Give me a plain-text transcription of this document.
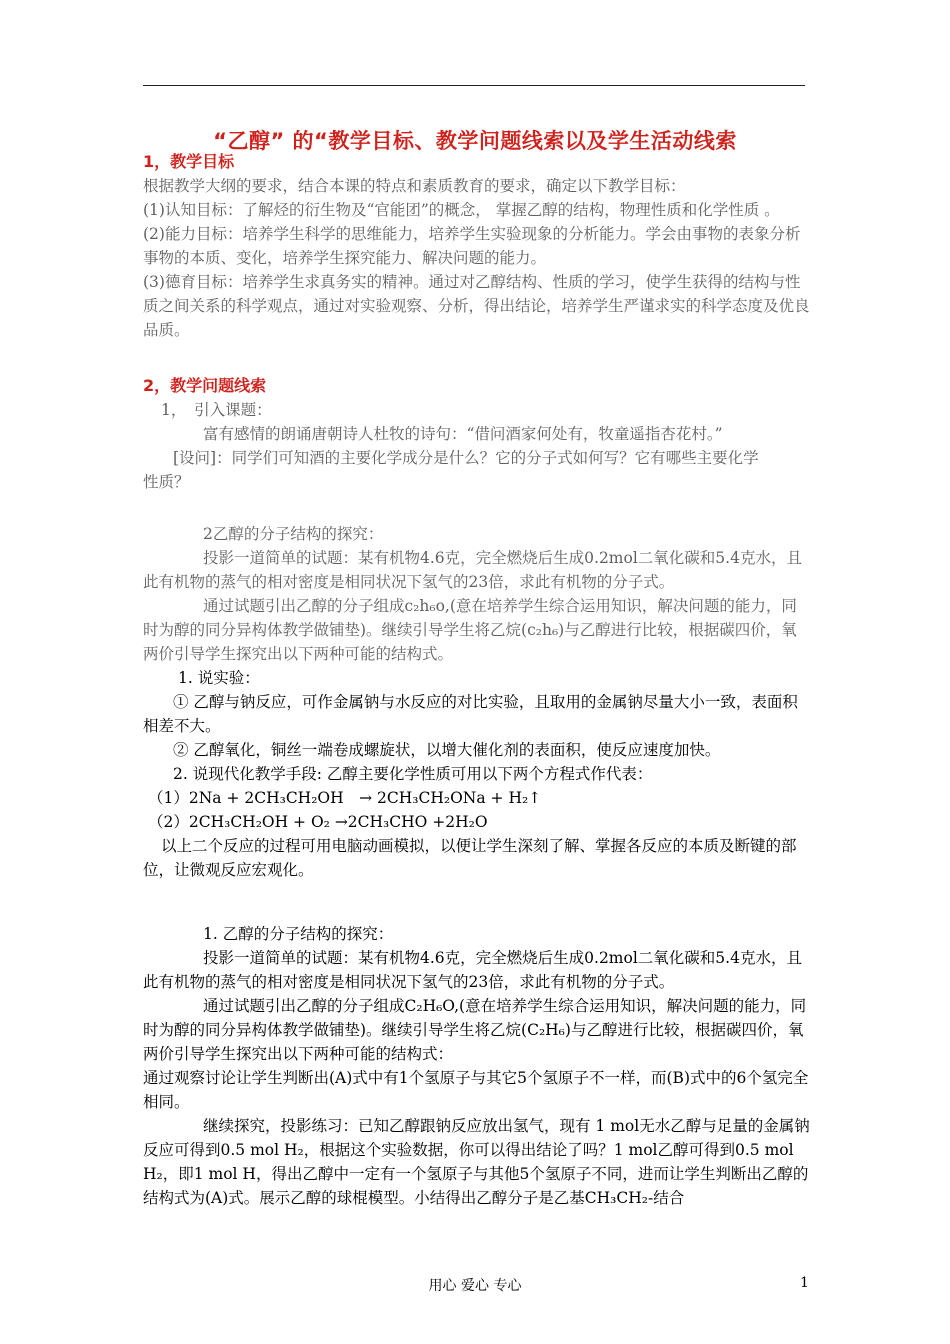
“乙醇” 的“教学目标、教学问题线索以及学生活动线索
1，教学目标

根据教学大纲的要求，结合本课的特点和素质教育的要求，确定以下教学目标：

(1)认知目标：了解烃的衍生物及“官能团”的概念， 掌握乙醇的结构，物理性质和化学性质 。

(2)能力目标：培养学生科学的思维能力，培养学生实验现象的分析能力。学会由事物的表象分析事物的本质、变化，培养学生探究能力、解决问题的能力。

(3)德育目标：培养学生求真务实的精神。通过对乙醇结构、性质的学习，使学生获得的结构与性质之间关系的科学观点，通过对实验观察、分析，得出结论，培养学生严谨求实的科学态度及优良品质。

2，教学问题线索

1，　引入课题：

富有感情的朗诵唐朝诗人杜牧的诗句：“借问酒家何处有，牧童遥指杏花村。”

[设问]：同学们可知酒的主要化学成分是什么？它的分子式如何写？它有哪些主要化学　　　　　　　性质？

2乙醇的分子结构的探究：

投影一道简单的试题：某有机物4.6克，完全燃烧后生成0.2mol二氧化碳和5.4克水，且此有机物的蒸气的相对密度是相同状况下氢气的23倍，求此有机物的分子式。

通过试题引出乙醇的分子组成c₂h₆o,(意在培养学生综合运用知识，解决问题的能力，同时为醇的同分异构体教学做铺垫)。继续引导学生将乙烷(c₂h₆)与乙醇进行比较，根据碳四价，氧两价引导学生探究出以下两种可能的结构式。

1. 说实验：

① 乙醇与钠反应，可作金属钠与水反应的对比实验，且取用的金属钠尽量大小一致，表面积相差不大。

② 乙醇氧化，铜丝一端卷成螺旋状，以增大催化剂的表面积，使反应速度加快。

2. 说现代化教学手段: 乙醇主要化学性质可用以下两个方程式作代表：

（1）2Na + 2CH₃CH₂OH　→ 2CH₃CH₂ONa + H₂↑

（2）2CH₃CH₂OH + O₂ →2CH₃CHO +2H₂O

以上二个反应的过程可用电脑动画模拟，以便让学生深刻了解、掌握各反应的本质及断键的部位，让微观反应宏观化。

1. 乙醇的分子结构的探究：

投影一道简单的试题：某有机物4.6克，完全燃烧后生成0.2mol二氧化碳和5.4克水，且此有机物的蒸气的相对密度是相同状况下氢气的23倍，求此有机物的分子式。

通过试题引出乙醇的分子组成C₂H₆O,(意在培养学生综合运用知识，解决问题的能力，同时为醇的同分异构体教学做铺垫)。继续引导学生将乙烷(C₂H₆)与乙醇进行比较，根据碳四价，氧两价引导学生探究出以下两种可能的结构式：

通过观察讨论让学生判断出(A)式中有1个氢原子与其它5个氢原子不一样，而(B)式中的6个氢完全相同。

继续探究，投影练习：已知乙醇跟钠反应放出氢气，现有 1 mol无水乙醇与足量的金属钠反应可得到0.5 mol H₂，根据这个实验数据，你可以得出结论了吗？1 mol乙醇可得到0.5 mol H₂，即1 mol H，得出乙醇中一定有一个氢原子与其他5个氢原子不同，进而让学生判断出乙醇的结构式为(A)式。展示乙醇的球棍模型。小结得出乙醇分子是乙基CH₃CH₂-结合

用心 爱心 专心	1
